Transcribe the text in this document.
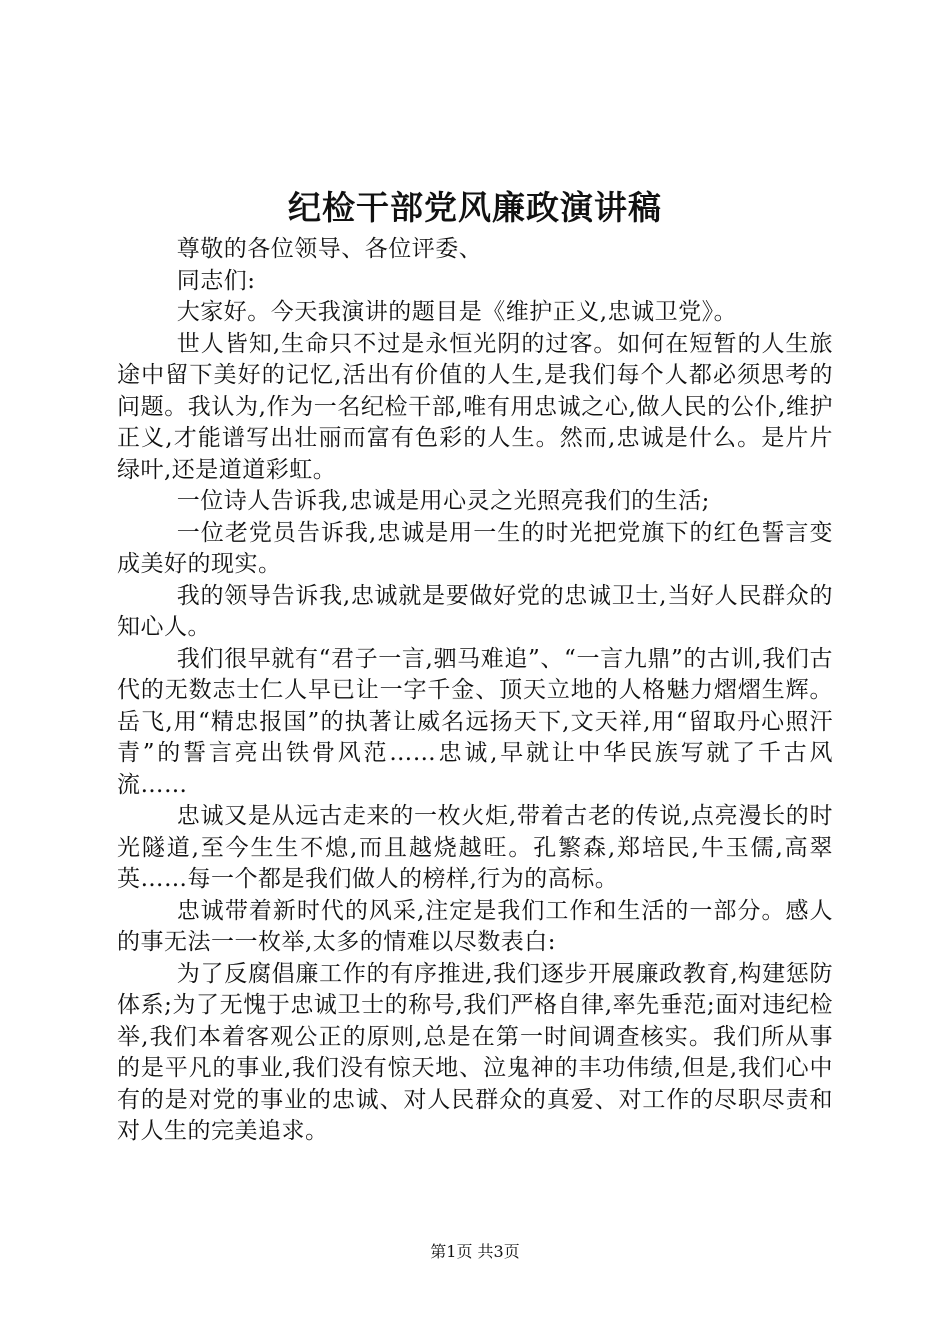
纪检干部党风廉政演讲稿

尊敬的各位领导、各位评委、

同志们:

大家好。今天我演讲的题目是《维护正义,忠诚卫党》。

世人皆知,生命只不过是永恒光阴的过客。如何在短暂的人生旅途中留下美好的记忆,活出有价值的人生,是我们每个人都必须思考的问题。我认为,作为一名纪检干部,唯有用忠诚之心,做人民的公仆,维护正义,才能谱写出壮丽而富有色彩的人生。然而,忠诚是什么。是片片绿叶,还是道道彩虹。

一位诗人告诉我,忠诚是用心灵之光照亮我们的生活;

一位老党员告诉我,忠诚是用一生的时光把党旗下的红色誓言变成美好的现实。

我的领导告诉我,忠诚就是要做好党的忠诚卫士,当好人民群众的知心人。

我们很早就有“君子一言,驷马难追”、“一言九鼎”的古训,我们古代的无数志士仁人早已让一字千金、顶天立地的人格魅力熠熠生辉。岳飞,用“精忠报国”的执著让威名远扬天下,文天祥,用“留取丹心照汗青”的誓言亮出铁骨风范……忠诚,早就让中华民族写就了千古风流……

忠诚又是从远古走来的一枚火炬,带着古老的传说,点亮漫长的时光隧道,至今生生不熄,而且越烧越旺。孔繁森,郑培民,牛玉儒,高翠英……每一个都是我们做人的榜样,行为的高标。

忠诚带着新时代的风采,注定是我们工作和生活的一部分。感人的事无法一一枚举,太多的情难以尽数表白:

为了反腐倡廉工作的有序推进,我们逐步开展廉政教育,构建惩防体系;为了无愧于忠诚卫士的称号,我们严格自律,率先垂范;面对违纪检举,我们本着客观公正的原则,总是在第一时间调查核实。我们所从事的是平凡的事业,我们没有惊天地、泣鬼神的丰功伟绩,但是,我们心中有的是对党的事业的忠诚、对人民群众的真爱、对工作的尽职尽责和对人生的完美追求。

第1页 共3页
